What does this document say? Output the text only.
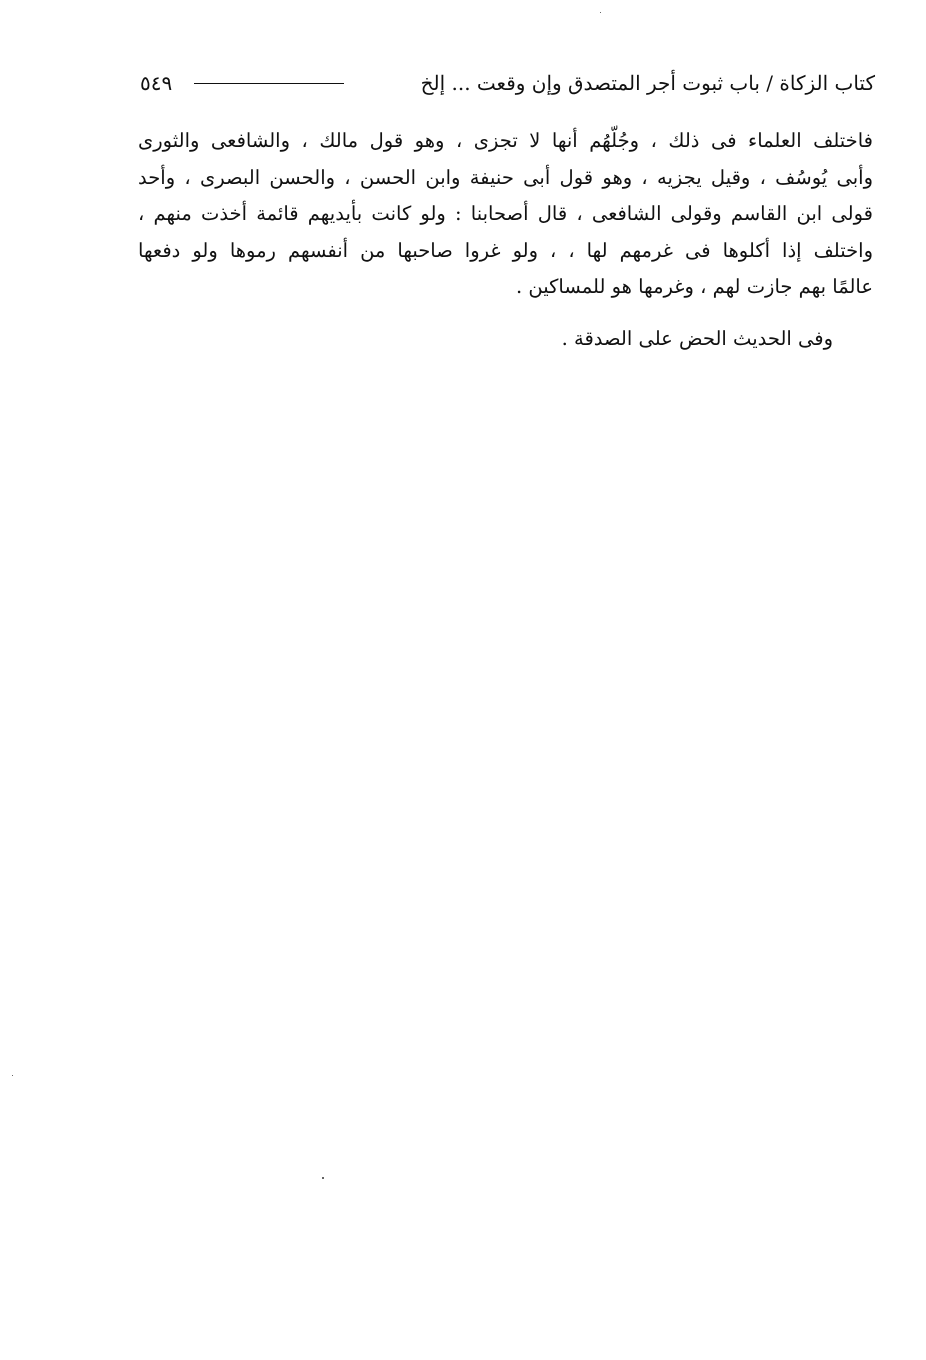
٥٤٩	كتاب الزكاة / باب ثبوت أجر المتصدق وإن وقعت ... إلخ
فاختلف العلماء فى ذلك ، وجُلّهُم أنها لا تجزى ، وهو قول مالك ، والشافعى والثورى
وأبى يُوسُف ، وقيل يجزيه ، وهو قول أبى حنيفة وابن الحسن ، والحسن البصرى ، وأحد
قولى ابن القاسم وقولى الشافعى ، قال أصحابنا : ولو كانت بأيديهم قائمة أخذت منهم ،
واختلف إذا أكلوها فى غرمهم لها ، ، ولو غروا صاحبها من أنفسهم رموها ولو دفعها
عالمًا بهم جازت لهم ، وغرمها هو للمساكين .
وفى الحديث الحض على الصدقة .
